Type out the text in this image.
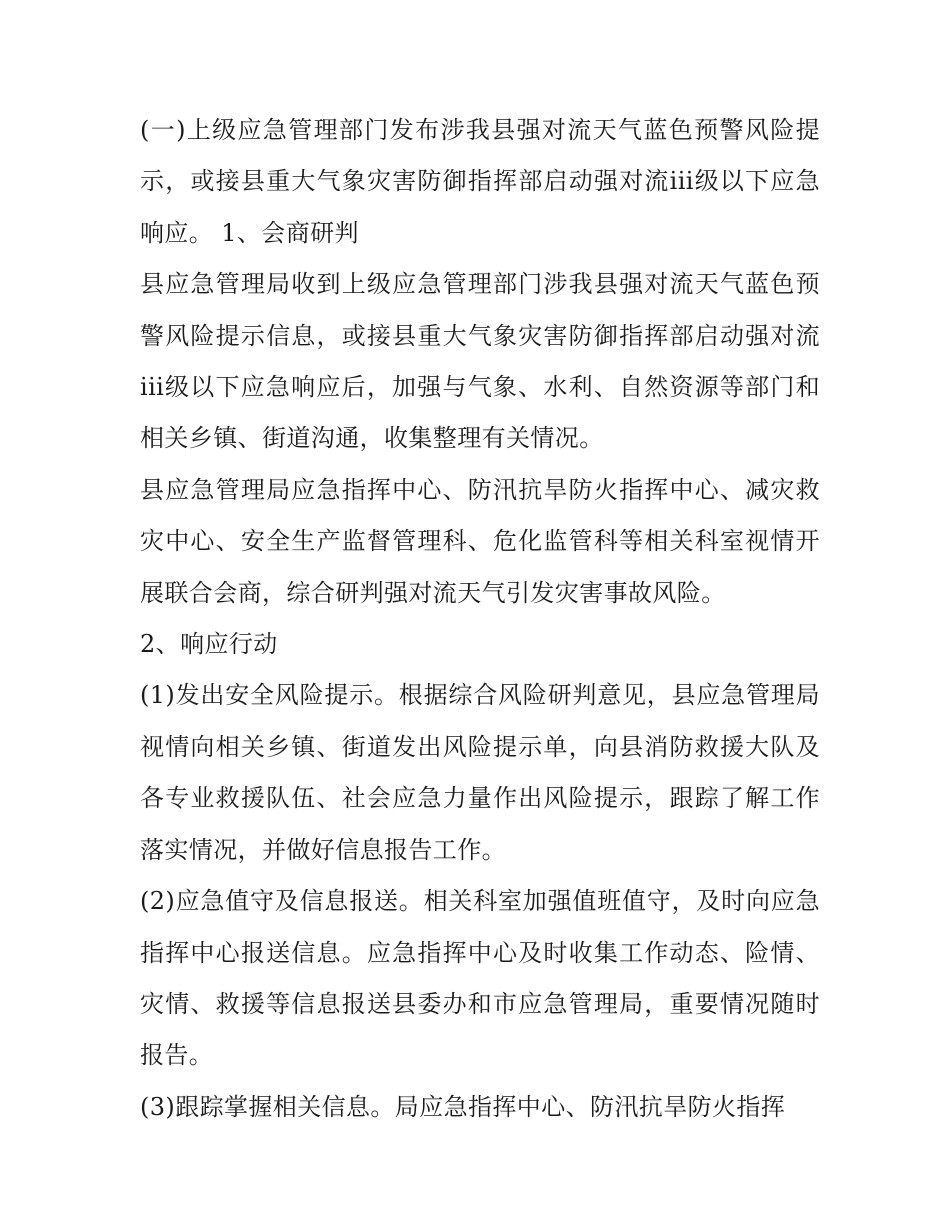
(一)上级应急管理部门发布涉我县强对流天气蓝色预警风险提示，或接县重大气象灾害防御指挥部启动强对流iii级以下应急响应。 1、会商研判

县应急管理局收到上级应急管理部门涉我县强对流天气蓝色预警风险提示信息，或接县重大气象灾害防御指挥部启动强对流iii级以下应急响应后，加强与气象、水利、自然资源等部门和相关乡镇、街道沟通，收集整理有关情况。

县应急管理局应急指挥中心、防汛抗旱防火指挥中心、减灾救灾中心、安全生产监督管理科、危化监管科等相关科室视情开展联合会商，综合研判强对流天气引发灾害事故风险。

2、响应行动

(1)发出安全风险提示。根据综合风险研判意见，县应急管理局视情向相关乡镇、街道发出风险提示单，向县消防救援大队及各专业救援队伍、社会应急力量作出风险提示，跟踪了解工作落实情况，并做好信息报告工作。

(2)应急值守及信息报送。相关科室加强值班值守，及时向应急指挥中心报送信息。应急指挥中心及时收集工作动态、险情、灾情、救援等信息报送县委办和市应急管理局，重要情况随时报告。

(3)跟踪掌握相关信息。局应急指挥中心、防汛抗旱防火指挥
